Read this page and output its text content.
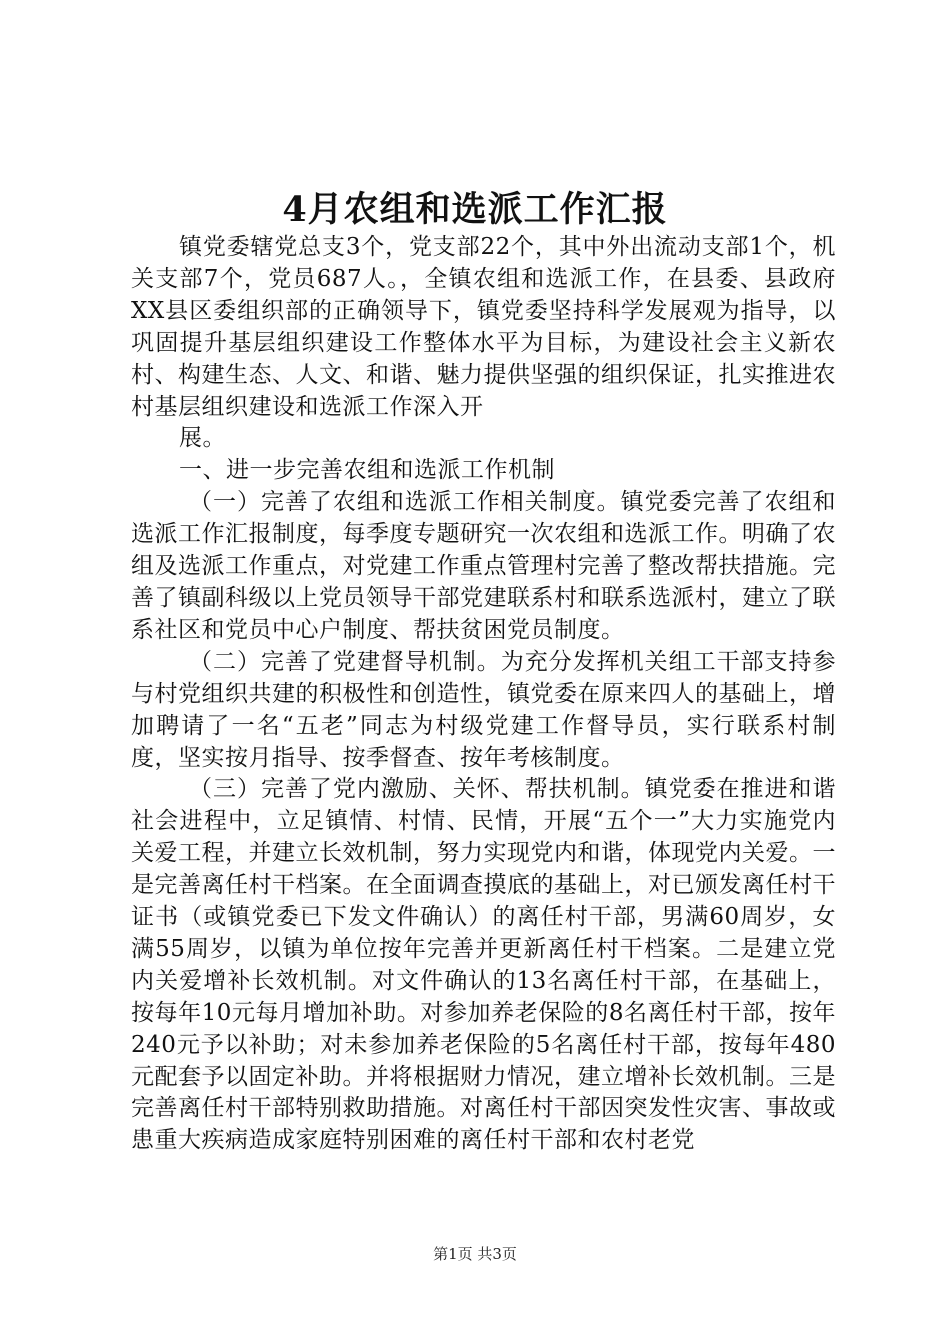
4月农组和选派工作汇报

镇党委辖党总支3个，党支部22个，其中外出流动支部1个，机关支部7个，党员687人。，全镇农组和选派工作，在县委、县政府XX县区委组织部的正确领导下，镇党委坚持科学发展观为指导，以巩固提升基层组织建设工作整体水平为目标，为建设社会主义新农村、构建生态、人文、和谐、魅力提供坚强的组织保证，扎实推进农村基层组织建设和选派工作深入开

展。

一、进一步完善农组和选派工作机制

（一）完善了农组和选派工作相关制度。镇党委完善了农组和选派工作汇报制度，每季度专题研究一次农组和选派工作。明确了农组及选派工作重点，对党建工作重点管理村完善了整改帮扶措施。完善了镇副科级以上党员领导干部党建联系村和联系选派村，建立了联系社区和党员中心户制度、帮扶贫困党员制度。

（二）完善了党建督导机制。为充分发挥机关组工干部支持参与村党组织共建的积极性和创造性，镇党委在原来四人的基础上，增加聘请了一名“五老”同志为村级党建工作督导员，实行联系村制度，坚实按月指导、按季督查、按年考核制度。

（三）完善了党内激励、关怀、帮扶机制。镇党委在推进和谐社会进程中，立足镇情、村情、民情，开展“五个一”大力实施党内关爱工程，并建立长效机制，努力实现党内和谐，体现党内关爱。一是完善离任村干档案。在全面调查摸底的基础上，对已颁发离任村干证书（或镇党委已下发文件确认）的离任村干部，男满60周岁，女满55周岁，以镇为单位按年完善并更新离任村干档案。二是建立党内关爱增补长效机制。对文件确认的13名离任村干部，在基础上，按每年10元每月增加补助。对参加养老保险的8名离任村干部，按年240元予以补助；对未参加养老保险的5名离任村干部，按每年480元配套予以固定补助。并将根据财力情况，建立增补长效机制。三是完善离任村干部特别救助措施。对离任村干部因突发性灾害、事故或患重大疾病造成家庭特别困难的离任村干部和农村老党

第1页 共3页
